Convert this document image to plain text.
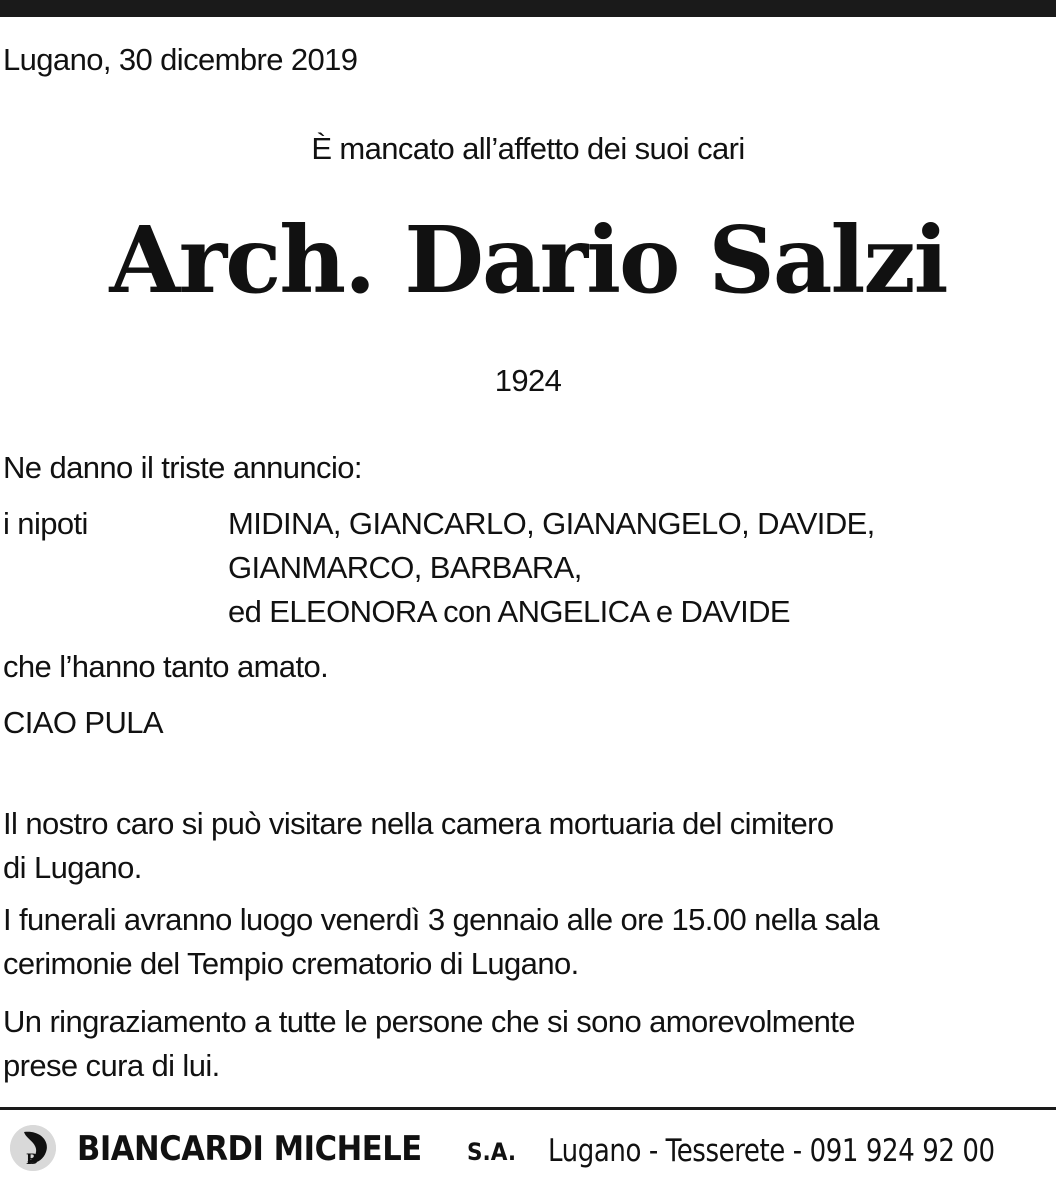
Lugano, 30 dicembre 2019

È mancato all’affetto dei suoi cari

Arch. Dario Salzi

1924

Ne danno il triste annuncio:

i nipoti	MIDINA, GIANCARLO, GIANANGELO, DAVIDE,
GIANMARCO, BARBARA,
ed ELEONORA con ANGELICA e DAVIDE

che l’hanno tanto amato.

CIAO PULA

Il nostro caro si può visitare nella camera mortuaria del cimitero
di Lugano.
I funerali avranno luogo venerdì 3 gennaio alle ore 15.00 nella sala
cerimonie del Tempio crematorio di Lugano.
Un ringraziamento a tutte le persone che si sono amorevolmente
prese cura di lui.
B BIANCARDI MICHELE S.A. Lugano - Tesserete - 091 924 92 00
